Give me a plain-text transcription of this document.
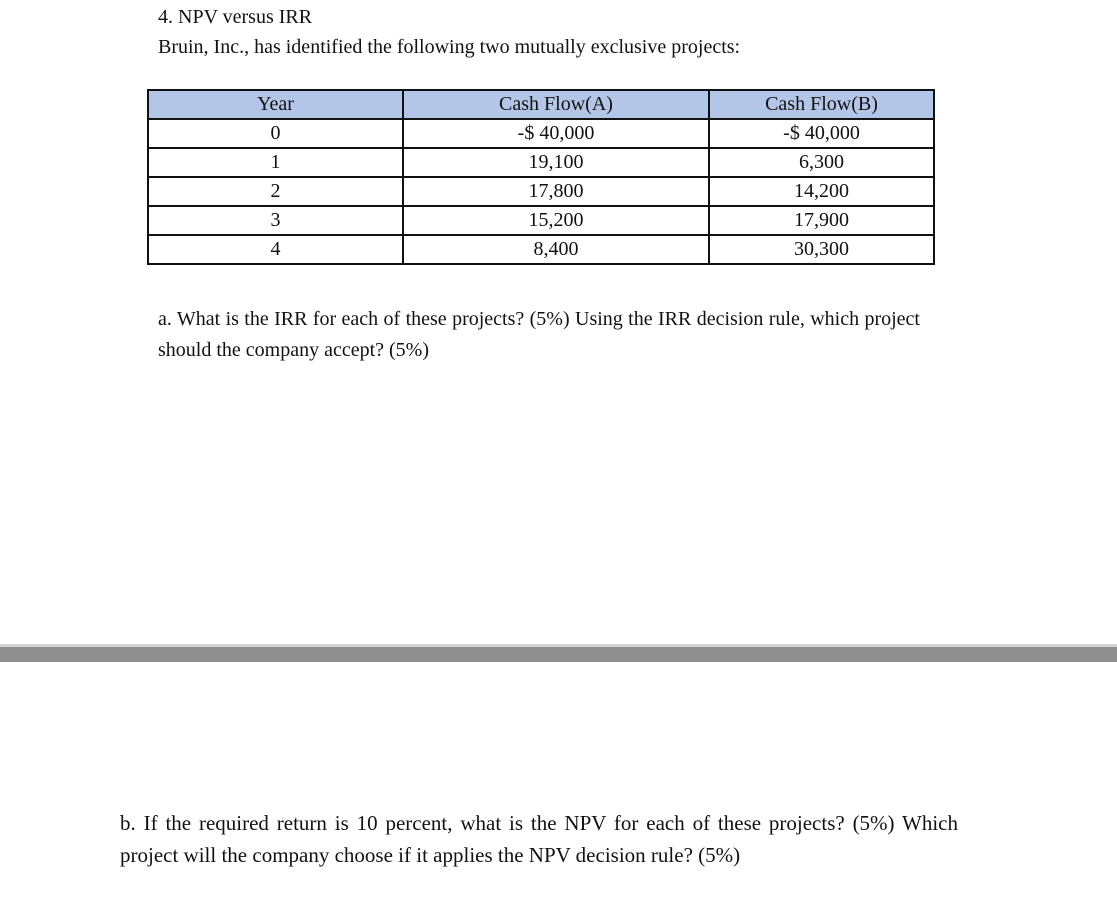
4. NPV versus IRR
Bruin, Inc., has identified the following two mutually exclusive projects:
Year	Cash Flow(A)	Cash Flow(B)
0	-$ 40,000	-$ 40,000
1	19,100	6,300
2	17,800	14,200
3	15,200	17,900
4	8,400	30,300
a. What is the IRR for each of these projects? (5%) Using the IRR decision rule, which project should the company accept? (5%)
b. If the required return is 10 percent, what is the NPV for each of these projects? (5%) Which project will the company choose if it applies the NPV decision rule? (5%)
